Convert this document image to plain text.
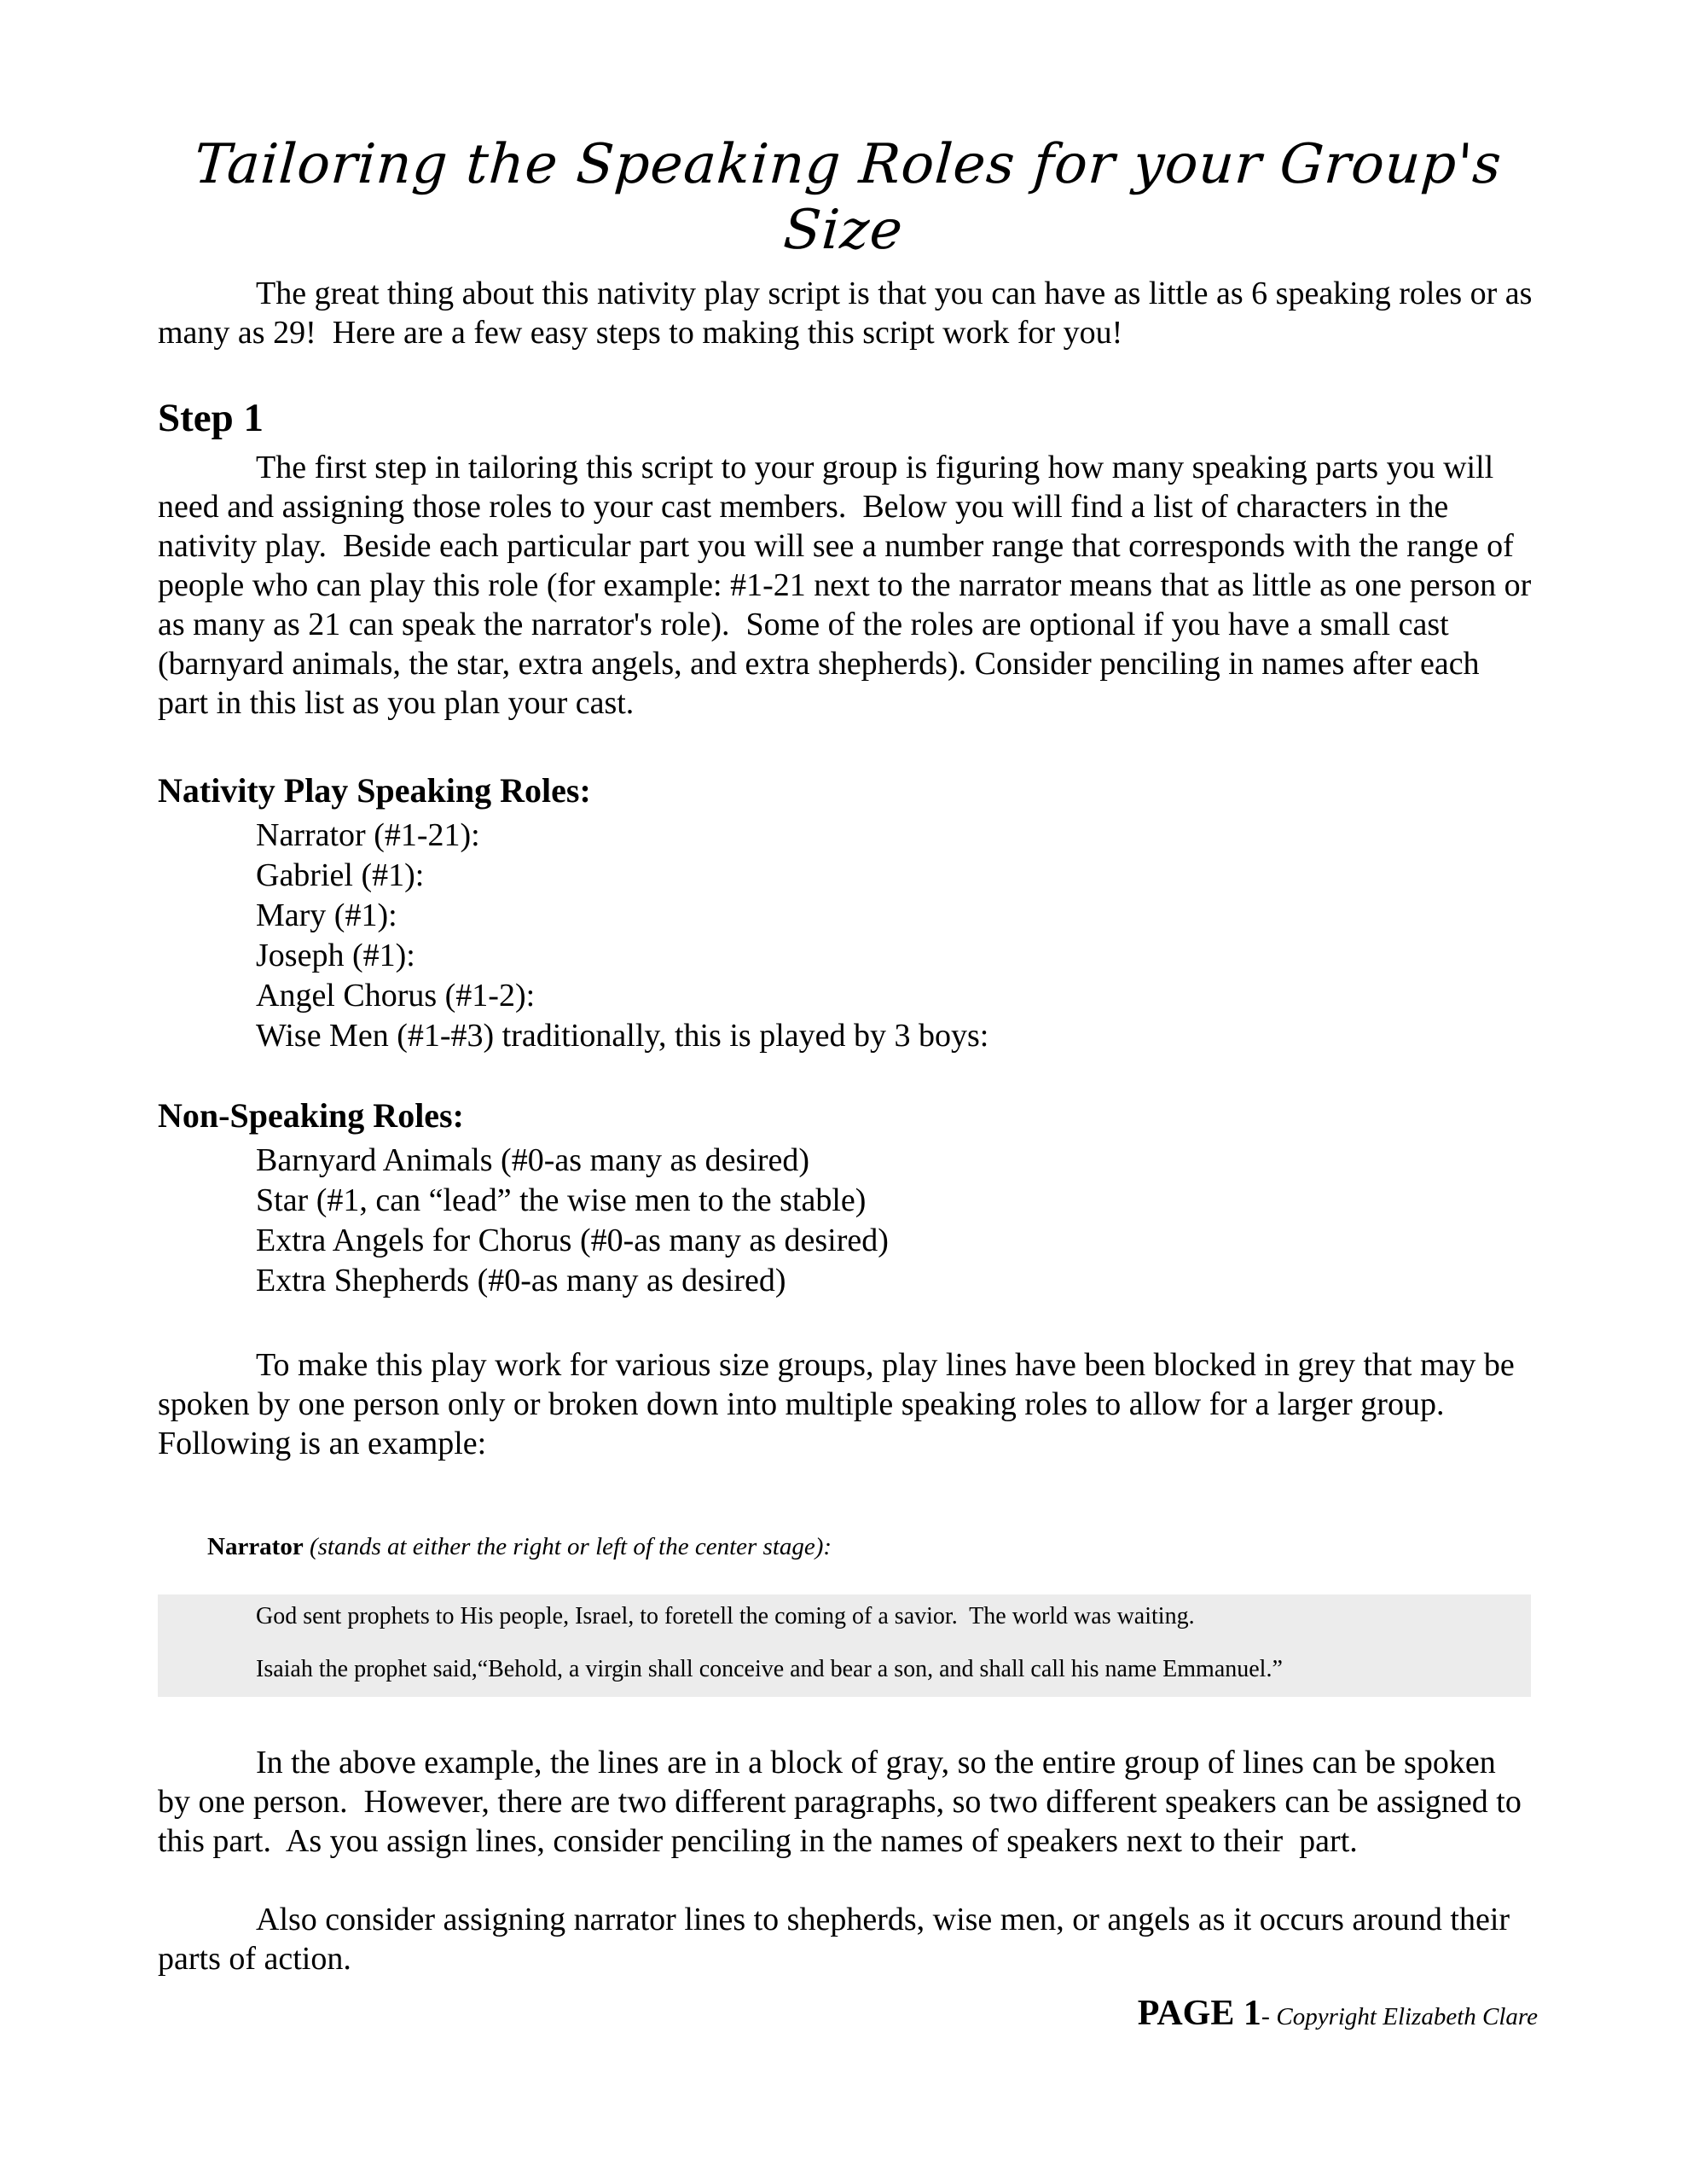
Tailoring the Speaking Roles for your Group's Size

The great thing about this nativity play script is that you can have as little as 6 speaking roles or as many as 29!  Here are a few easy steps to making this script work for you!

Step 1

The first step in tailoring this script to your group is figuring how many speaking parts you will need and assigning those roles to your cast members.  Below you will find a list of characters in the nativity play.  Beside each particular part you will see a number range that corresponds with the range of people who can play this role (for example: #1-21 next to the narrator means that as little as one person or as many as 21 can speak the narrator's role).  Some of the roles are optional if you have a small cast (barnyard animals, the star, extra angels, and extra shepherds). Consider penciling in names after each part in this list as you plan your cast.

Nativity Play Speaking Roles:
Narrator (#1-21):
Gabriel (#1):
Mary (#1):
Joseph (#1):
Angel Chorus (#1-2):
Wise Men (#1-#3) traditionally, this is played by 3 boys:
Non-Speaking Roles:
Barnyard Animals (#0-as many as desired)
Star (#1, can “lead” the wise men to the stable)
Extra Angels for Chorus (#0-as many as desired)
Extra Shepherds (#0-as many as desired)

To make this play work for various size groups, play lines have been blocked in grey that may be spoken by one person only or broken down into multiple speaking roles to allow for a larger group.  Following is an example:

Narrator (stands at either the right or left of the center stage):

God sent prophets to His people, Israel, to foretell the coming of a savior.  The world was waiting.

Isaiah the prophet said,“Behold, a virgin shall conceive and bear a son, and shall call his name Emmanuel.”

In the above example, the lines are in a block of gray, so the entire group of lines can be spoken by one person.  However, there are two different paragraphs, so two different speakers can be assigned to this part.  As you assign lines, consider penciling in the names of speakers next to their  part.

Also consider assigning narrator lines to shepherds, wise men, or angels as it occurs around their parts of action.

PAGE 1- Copyright Elizabeth Clare
